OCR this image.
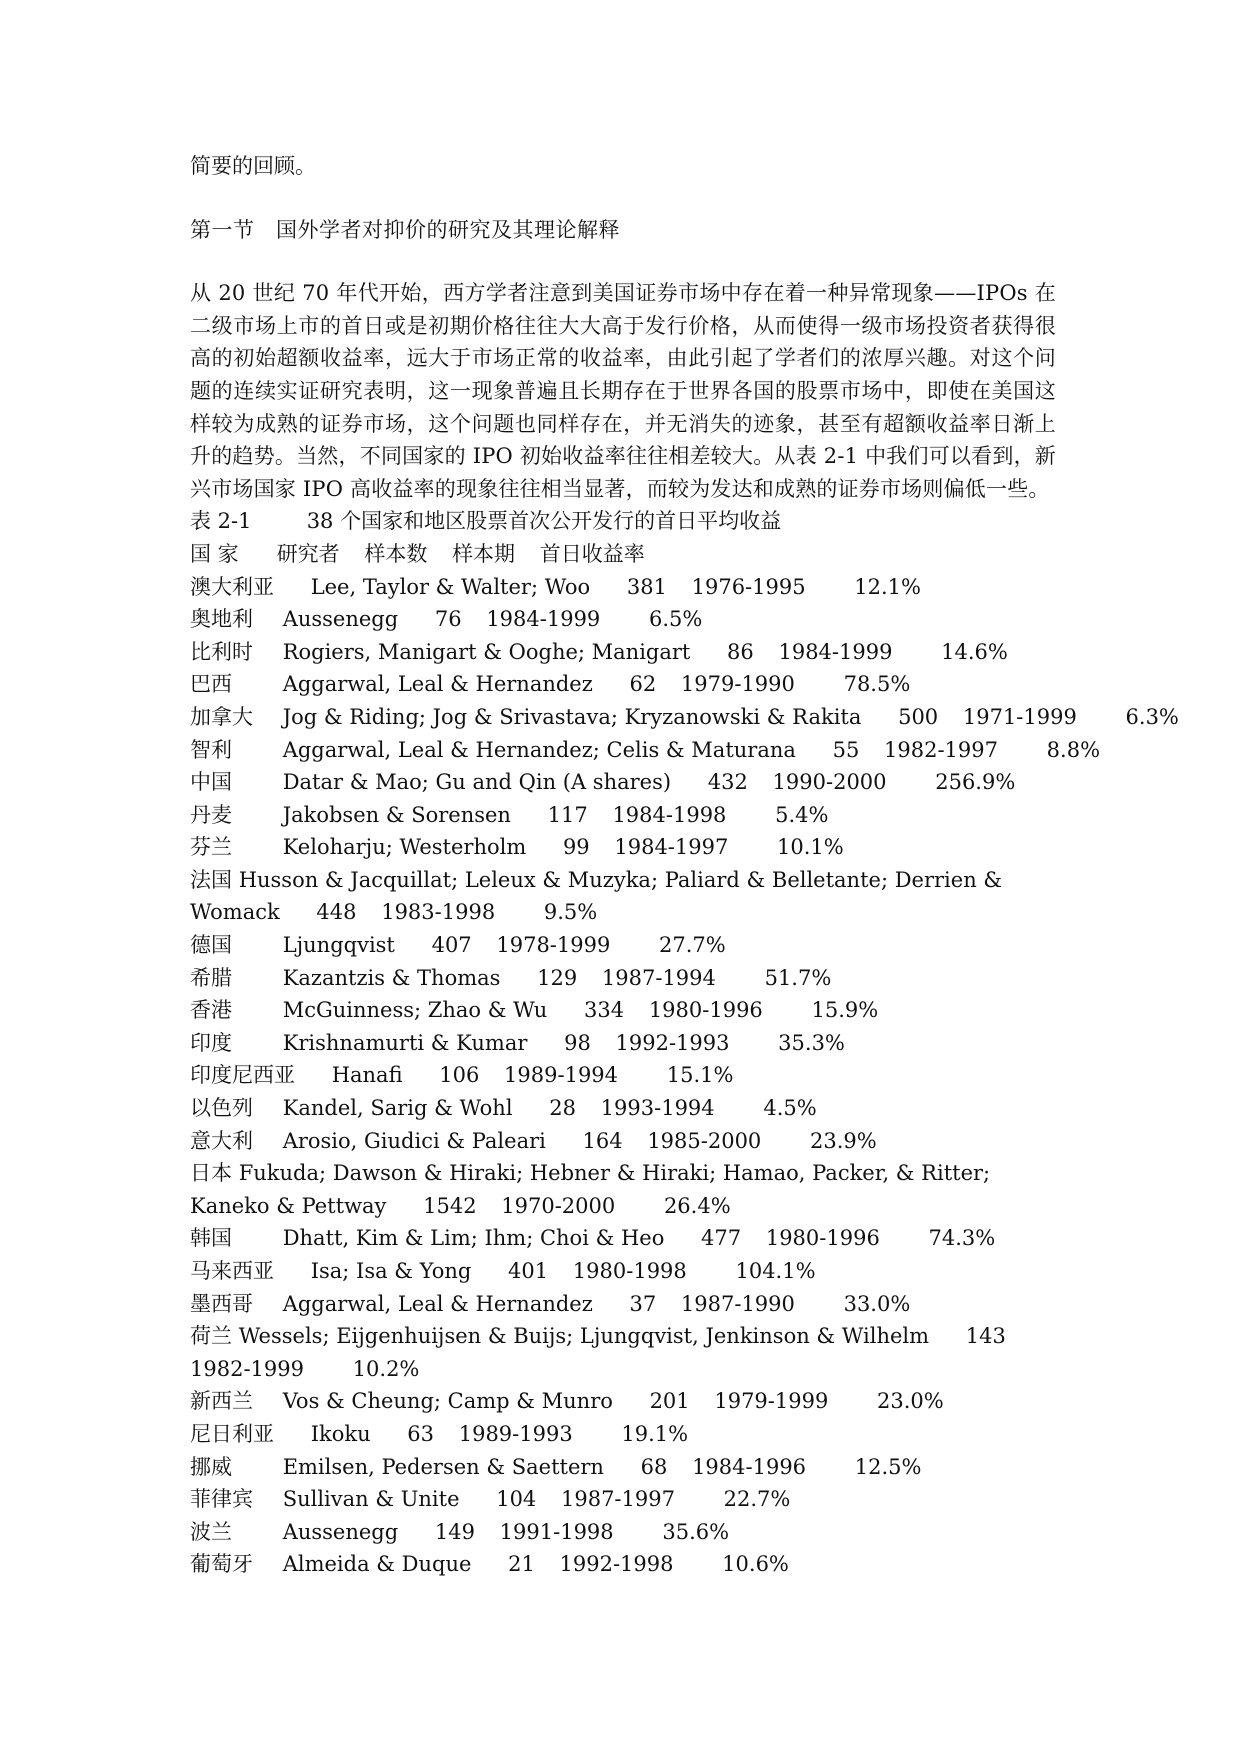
简要的回顾。
第一节　国外学者对抑价的研究及其理论解释
从 20 世纪 70 年代开始，西方学者注意到美国证券市场中存在着一种异常现象——IPOs 在二级市场上市的首日或是初期价格往往大大高于发行价格，从而使得一级市场投资者获得很高的初始超额收益率，远大于市场正常的收益率，由此引起了学者们的浓厚兴趣。对这个问题的连续实证研究表明，这一现象普遍且长期存在于世界各国的股票市场中，即使在美国这样较为成熟的证券市场，这个问题也同样存在，并无消失的迹象，甚至有超额收益率日渐上升的趋势。当然，不同国家的 IPO 初始收益率往往相差较大。从表 2-1 中我们可以看到，新兴市场国家 IPO 高收益率的现象往往相当显著，而较为发达和成熟的证券市场则偏低一些。
表 2-1	38 个国家和地区股票首次公开发行的首日平均收益
国 家 研究者 样本数 样本期 首日收益率
澳大利亚 Lee, Taylor & Walter; Woo 381 1976-1995 12.1%
奥地利 Aussenegg 76 1984-1999 6.5%
比利时 Rogiers, Manigart & Ooghe; Manigart 86 1984-1999 14.6%
巴西 Aggarwal, Leal & Hernandez 62 1979-1990 78.5%
加拿大 Jog & Riding; Jog & Srivastava; Kryzanowski & Rakita 500 1971-1999 6.3%
智利 Aggarwal, Leal & Hernandez; Celis & Maturana 55 1982-1997 8.8%
中国 Datar & Mao; Gu and Qin (A shares) 432 1990-2000 256.9%
丹麦 Jakobsen & Sorensen 117 1984-1998 5.4%
芬兰 Keloharju; Westerholm 99 1984-1997 10.1%
法国 Husson & Jacquillat; Leleux & Muzyka; Paliard & Belletante; Derrien & Womack 448 1983-1998 9.5%
德国 Ljungqvist 407 1978-1999 27.7%
希腊 Kazantzis & Thomas 129 1987-1994 51.7%
香港 McGuinness; Zhao & Wu 334 1980-1996 15.9%
印度 Krishnamurti & Kumar 98 1992-1993 35.3%
印度尼西亚 Hanafi 106 1989-1994 15.1%
以色列 Kandel, Sarig & Wohl 28 1993-1994 4.5%
意大利 Arosio, Giudici & Paleari 164 1985-2000 23.9%
日本 Fukuda; Dawson & Hiraki; Hebner & Hiraki; Hamao, Packer, & Ritter; Kaneko & Pettway 1542 1970-2000 26.4%
韩国 Dhatt, Kim & Lim; Ihm; Choi & Heo 477 1980-1996 74.3%
马来西亚 Isa; Isa & Yong 401 1980-1998 104.1%
墨西哥 Aggarwal, Leal & Hernandez 37 1987-1990 33.0%
荷兰 Wessels; Eijgenhuijsen & Buijs; Ljungqvist, Jenkinson & Wilhelm 143 1982-1999 10.2%
新西兰 Vos & Cheung; Camp & Munro 201 1979-1999 23.0%
尼日利亚 Ikoku 63 1989-1993 19.1%
挪威 Emilsen, Pedersen & Saettern 68 1984-1996 12.5%
菲律宾 Sullivan & Unite 104 1987-1997 22.7%
波兰 Aussenegg 149 1991-1998 35.6%
葡萄牙 Almeida & Duque 21 1992-1998 10.6%
